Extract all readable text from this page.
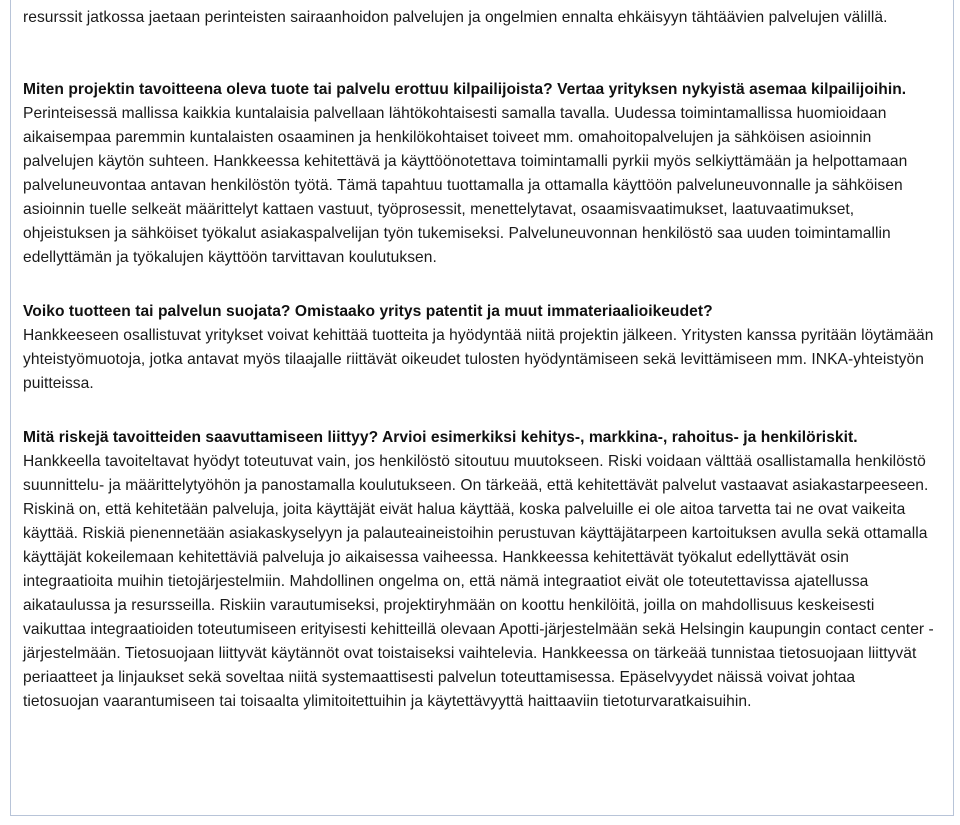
resurssit jatkossa jaetaan perinteisten sairaanhoidon palvelujen ja ongelmien ennalta ehkäisyyn tähtäävien palvelujen välillä.

Miten projektin tavoitteena oleva tuote tai palvelu erottuu kilpailijoista? Vertaa yrityksen nykyistä asemaa kilpailijoihin.

Perinteisessä mallissa kaikkia kuntalaisia palvellaan lähtökohtaisesti samalla tavalla. Uudessa toimintamallissa huomioidaan aikaisempaa paremmin kuntalaisten osaaminen ja henkilökohtaiset toiveet mm. omahoitopalvelujen ja sähköisen asioinnin palvelujen käytön suhteen. Hankkeessa kehitettävä ja käyttöönotettava toimintamalli pyrkii myös selkiyttämään ja helpottamaan palveluneuvontaa antavan henkilöstön työtä. Tämä tapahtuu tuottamalla ja ottamalla käyttöön palveluneuvonnalle ja sähköisen asioinnin tuelle selkeät määrittelyt kattaen vastuut, työprosessit, menettelytavat, osaamisvaatimukset, laatuvaatimukset, ohjeistuksen ja sähköiset työkalut asiakaspalvelijan työn tukemiseksi. Palveluneuvonnan henkilöstö saa uuden toimintamallin edellyttämän ja työkalujen käyttöön tarvittavan koulutuksen.

Voiko tuotteen tai palvelun suojata? Omistaako yritys patentit ja muut immateriaalioikeudet?

Hankkeeseen osallistuvat yritykset voivat kehittää tuotteita ja hyödyntää niitä projektin jälkeen. Yritysten kanssa pyritään löytämään yhteistyömuotoja, jotka antavat myös tilaajalle riittävät oikeudet tulosten hyödyntämiseen sekä levittämiseen mm. INKA-yhteistyön puitteissa.

Mitä riskejä tavoitteiden saavuttamiseen liittyy? Arvioi esimerkiksi kehitys-, markkina-, rahoitus- ja henkilöriskit.

Hankkeella tavoiteltavat hyödyt toteutuvat vain, jos henkilöstö sitoutuu muutokseen. Riski voidaan välttää osallistamalla henkilöstö suunnittelu- ja määrittelytyöhön ja panostamalla koulutukseen. On tärkeää, että kehitettävät palvelut vastaavat asiakastarpeeseen. Riskinä on, että kehitetään palveluja, joita käyttäjät eivät halua käyttää, koska palveluille ei ole aitoa tarvetta tai ne ovat vaikeita käyttää. Riskiä pienennetään asiakaskyselyyn ja palauteaineistoihin perustuvan käyttäjätarpeen kartoituksen avulla sekä ottamalla käyttäjät kokeilemaan kehitettäviä palveluja jo aikaisessa vaiheessa. Hankkeessa kehitettävät työkalut edellyttävät osin integraatioita muihin tietojärjestelmiin. Mahdollinen ongelma on, että nämä integraatiot eivät ole toteutettavissa ajatellussa aikataulussa ja resursseilla. Riskiin varautumiseksi, projektiryhmään on koottu henkilöitä, joilla on mahdollisuus keskeisesti vaikuttaa integraatioiden toteutumiseen erityisesti kehitteillä olevaan Apotti-järjestelmään sekä Helsingin kaupungin contact center -järjestelmään. Tietosuojaan liittyvät käytännöt ovat toistaiseksi vaihtelevia. Hankkeessa on tärkeää tunnistaa tietosuojaan liittyvät periaatteet ja linjaukset sekä soveltaa niitä systemaattisesti palvelun toteuttamisessa. Epäselvyydet näissä voivat johtaa tietosuojan vaarantumiseen tai toisaalta ylimitoitettuihin ja käytettävyyttä haittaaviin tietoturvaratkaisuihin.
